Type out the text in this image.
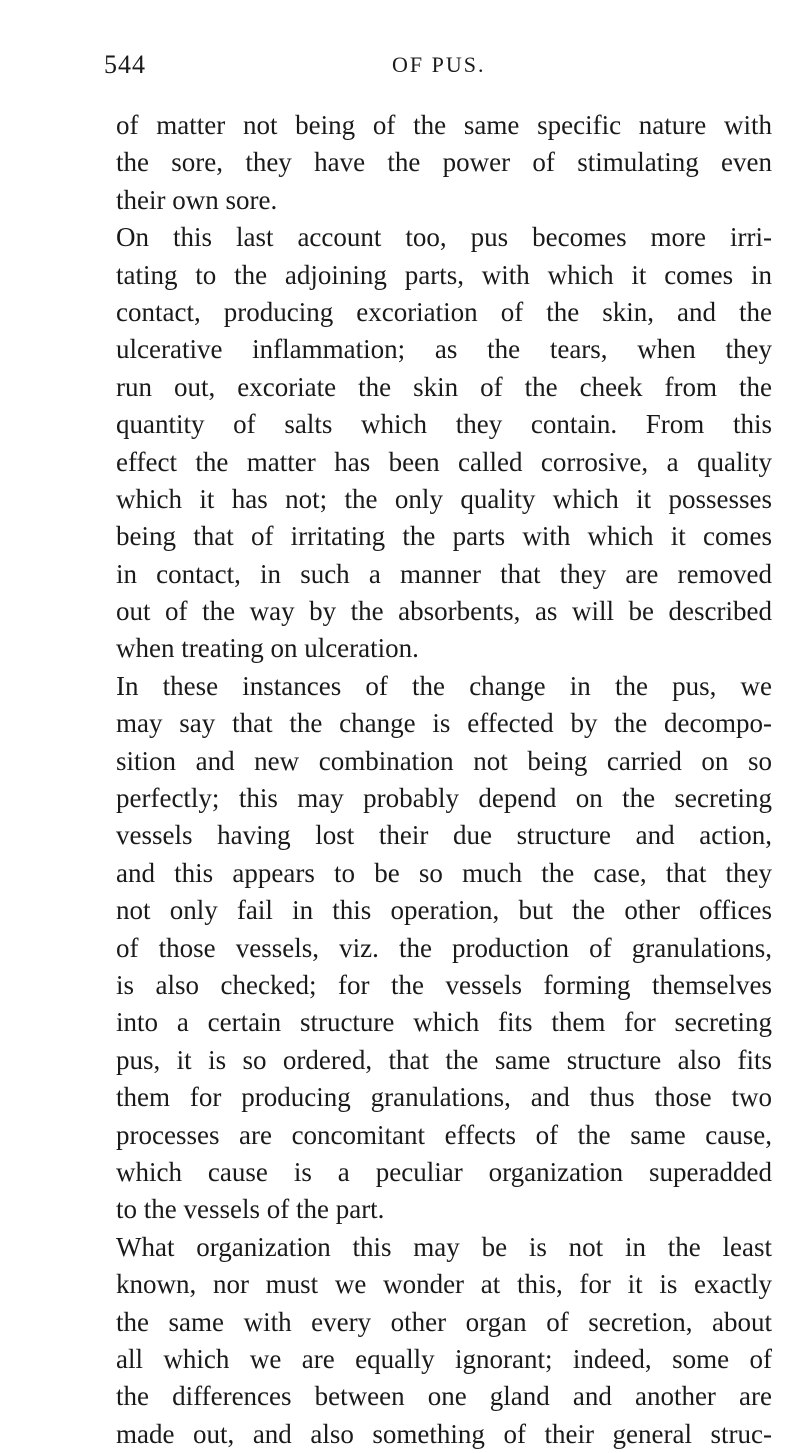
544	OF PUS.
of matter not being of the same specific nature with
the sore, they have the power of stimulating even
their own sore.
On this last account too, pus becomes more irri-
tating to the adjoining parts, with which it comes in
contact, producing excoriation of the skin, and the
ulcerative inflammation; as the tears, when they
run out, excoriate the skin of the cheek from the
quantity of salts which they contain. From this
effect the matter has been called corrosive, a quality
which it has not; the only quality which it possesses
being that of irritating the parts with which it comes
in contact, in such a manner that they are removed
out of the way by the absorbents, as will be described
when treating on ulceration.
In these instances of the change in the pus, we
may say that the change is effected by the decompo-
sition and new combination not being carried on so
perfectly; this may probably depend on the secreting
vessels having lost their due structure and action,
and this appears to be so much the case, that they
not only fail in this operation, but the other offices
of those vessels, viz. the production of granulations,
is also checked; for the vessels forming themselves
into a certain structure which fits them for secreting
pus, it is so ordered, that the same structure also fits
them for producing granulations, and thus those two
processes are concomitant effects of the same cause,
which cause is a peculiar organization superadded
to the vessels of the part.
What organization this may be is not in the least
known, nor must we wonder at this, for it is exactly
the same with every other organ of secretion, about
all which we are equally ignorant; indeed, some of
the differences between one gland and another are
made out, and also something of their general struc-
